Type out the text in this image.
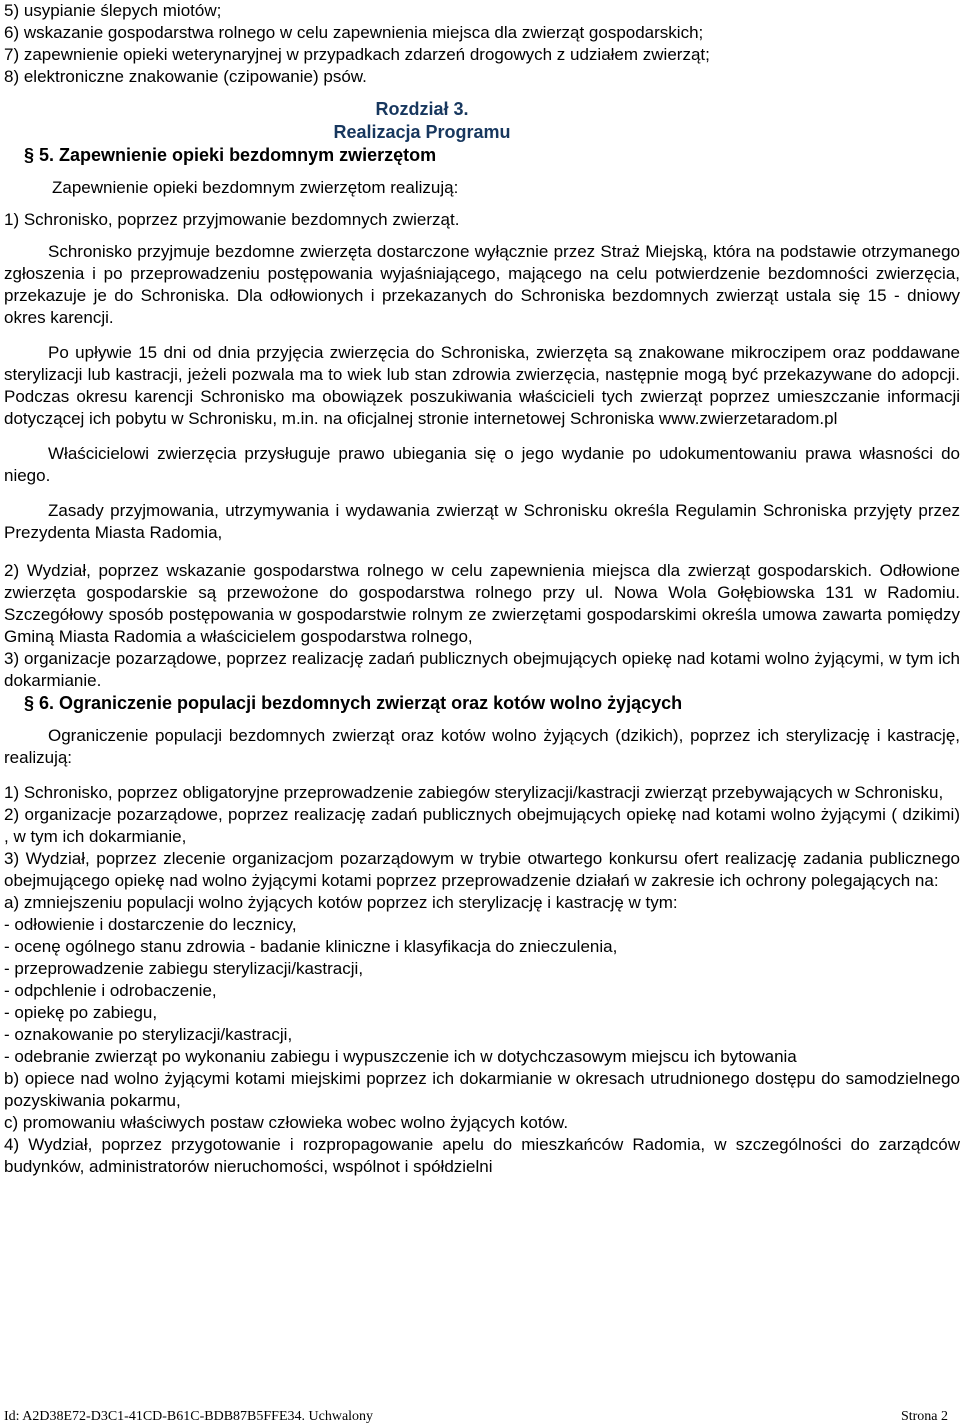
5) usypianie ślepych miotów;

6) wskazanie gospodarstwa rolnego w celu zapewnienia miejsca dla zwierząt gospodarskich;

7) zapewnienie opieki weterynaryjnej w przypadkach zdarzeń drogowych z udziałem zwierząt;

8) elektroniczne znakowanie (czipowanie) psów.

Rozdział 3.

Realizacja Programu

§ 5. Zapewnienie opieki bezdomnym zwierzętom

Zapewnienie opieki bezdomnym zwierzętom realizują:

1) Schronisko, poprzez przyjmowanie bezdomnych zwierząt.

Schronisko przyjmuje bezdomne zwierzęta dostarczone wyłącznie przez Straż Miejską, która na podstawie otrzymanego zgłoszenia i po przeprowadzeniu postępowania wyjaśniającego, mającego na celu potwierdzenie bezdomności zwierzęcia, przekazuje je do Schroniska. Dla odłowionych i przekazanych do Schroniska bezdomnych zwierząt ustala się 15 - dniowy okres karencji.

Po upływie 15 dni od dnia przyjęcia zwierzęcia do Schroniska, zwierzęta są znakowane mikroczipem oraz poddawane sterylizacji lub kastracji, jeżeli pozwala ma to wiek lub stan zdrowia zwierzęcia, następnie mogą być przekazywane do adopcji. Podczas okresu karencji Schronisko ma obowiązek poszukiwania właścicieli tych zwierząt poprzez umieszczanie informacji dotyczącej ich pobytu w Schronisku, m.in. na oficjalnej stronie internetowej Schroniska www.zwierzetaradom.pl

Właścicielowi zwierzęcia przysługuje prawo ubiegania się o jego wydanie po udokumentowaniu prawa własności do niego.

Zasady przyjmowania, utrzymywania i wydawania zwierząt w Schronisku określa Regulamin Schroniska przyjęty przez Prezydenta Miasta Radomia,

2) Wydział, poprzez wskazanie gospodarstwa rolnego w celu zapewnienia miejsca dla zwierząt gospodarskich. Odłowione zwierzęta gospodarskie są przewożone do gospodarstwa rolnego przy ul. Nowa Wola Gołębiowska 131 w Radomiu. Szczegółowy sposób postępowania w gospodarstwie rolnym ze zwierzętami gospodarskimi określa umowa zawarta pomiędzy Gminą Miasta Radomia a właścicielem gospodarstwa rolnego,

3) organizacje pozarządowe, poprzez realizację zadań publicznych obejmujących opiekę nad kotami wolno żyjącymi, w tym ich dokarmianie.

§ 6. Ograniczenie populacji bezdomnych zwierząt oraz kotów wolno żyjących

Ograniczenie populacji bezdomnych zwierząt oraz kotów wolno żyjących (dzikich), poprzez ich sterylizację i kastrację, realizują:

1) Schronisko, poprzez obligatoryjne przeprowadzenie zabiegów sterylizacji/kastracji zwierząt przebywających w Schronisku,

2) organizacje pozarządowe, poprzez realizację zadań publicznych obejmujących opiekę nad kotami wolno żyjącymi ( dzikimi) , w tym ich dokarmianie,

3) Wydział, poprzez zlecenie organizacjom pozarządowym w trybie otwartego konkursu ofert realizację zadania publicznego obejmującego opiekę nad wolno żyjącymi kotami poprzez przeprowadzenie działań w zakresie ich ochrony polegających na:

a) zmniejszeniu populacji wolno żyjących kotów poprzez ich sterylizację i kastrację w tym:

- odłowienie i dostarczenie do lecznicy,

- ocenę ogólnego stanu zdrowia - badanie kliniczne i klasyfikacja do znieczulenia,

- przeprowadzenie zabiegu sterylizacji/kastracji,

- odpchlenie i odrobaczenie,

- opiekę po zabiegu,

- oznakowanie po sterylizacji/kastracji,

- odebranie zwierząt po wykonaniu zabiegu i wypuszczenie ich w dotychczasowym miejscu ich bytowania

b) opiece nad wolno żyjącymi kotami miejskimi poprzez ich dokarmianie w okresach utrudnionego dostępu do samodzielnego pozyskiwania pokarmu,

c) promowaniu właściwych postaw człowieka wobec wolno żyjących kotów.

4) Wydział, poprzez przygotowanie i rozpropagowanie apelu do mieszkańców Radomia, w szczególności do zarządców budynków, administratorów nieruchomości, wspólnot i spółdzielni

Id: A2D38E72-D3C1-41CD-B61C-BDB87B5FFE34. Uchwalony	Strona 2
